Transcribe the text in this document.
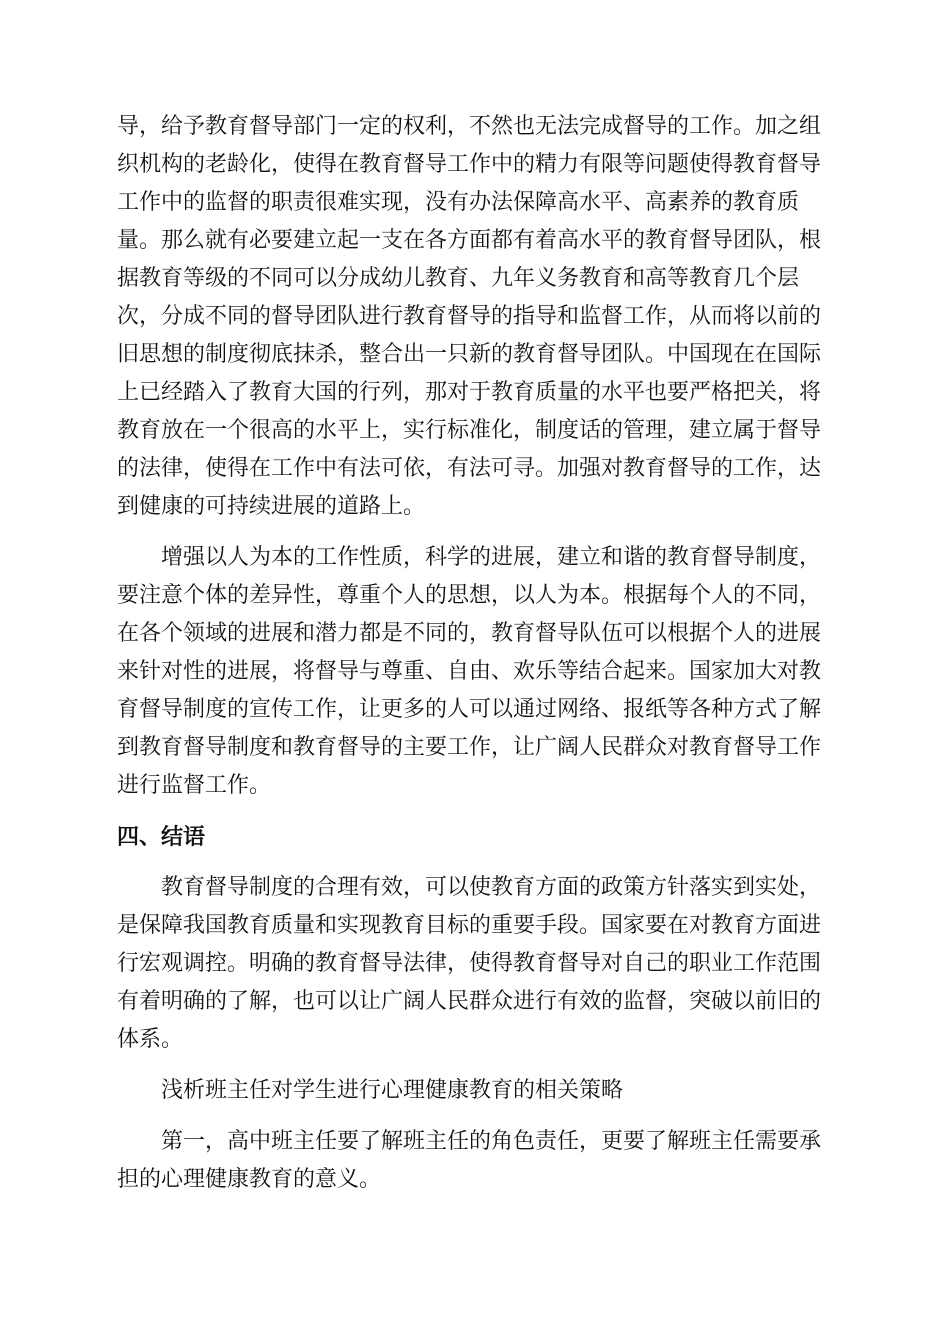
导，给予教育督导部门一定的权利，不然也无法完成督导的工作。加之组
织机构的老龄化，使得在教育督导工作中的精力有限等问题使得教育督导
工作中的监督的职责很难实现，没有办法保障高水平、高素养的教育质
量。那么就有必要建立起一支在各方面都有着高水平的教育督导团队，根
据教育等级的不同可以分成幼儿教育、九年义务教育和高等教育几个层
次，分成不同的督导团队进行教育督导的指导和监督工作，从而将以前的
旧思想的制度彻底抹杀，整合出一只新的教育督导团队。中国现在在国际
上已经踏入了教育大国的行列，那对于教育质量的水平也要严格把关，将
教育放在一个很高的水平上，实行标准化，制度话的管理，建立属于督导
的法律，使得在工作中有法可依，有法可寻。加强对教育督导的工作，达
到健康的可持续进展的道路上。

增强以人为本的工作性质，科学的进展，建立和谐的教育督导制度，
要注意个体的差异性，尊重个人的思想，以人为本。根据每个人的不同，
在各个领域的进展和潜力都是不同的，教育督导队伍可以根据个人的进展
来针对性的进展，将督导与尊重、自由、欢乐等结合起来。国家加大对教
育督导制度的宣传工作，让更多的人可以通过网络、报纸等各种方式了解
到教育督导制度和教育督导的主要工作，让广阔人民群众对教育督导工作
进行监督工作。

四、结语

教育督导制度的合理有效，可以使教育方面的政策方针落实到实处，
是保障我国教育质量和实现教育目标的重要手段。国家要在对教育方面进
行宏观调控。明确的教育督导法律，使得教育督导对自己的职业工作范围
有着明确的了解，也可以让广阔人民群众进行有效的监督，突破以前旧的
体系。

浅析班主任对学生进行心理健康教育的相关策略

第一，高中班主任要了解班主任的角色责任，更要了解班主任需要承
担的心理健康教育的意义。
